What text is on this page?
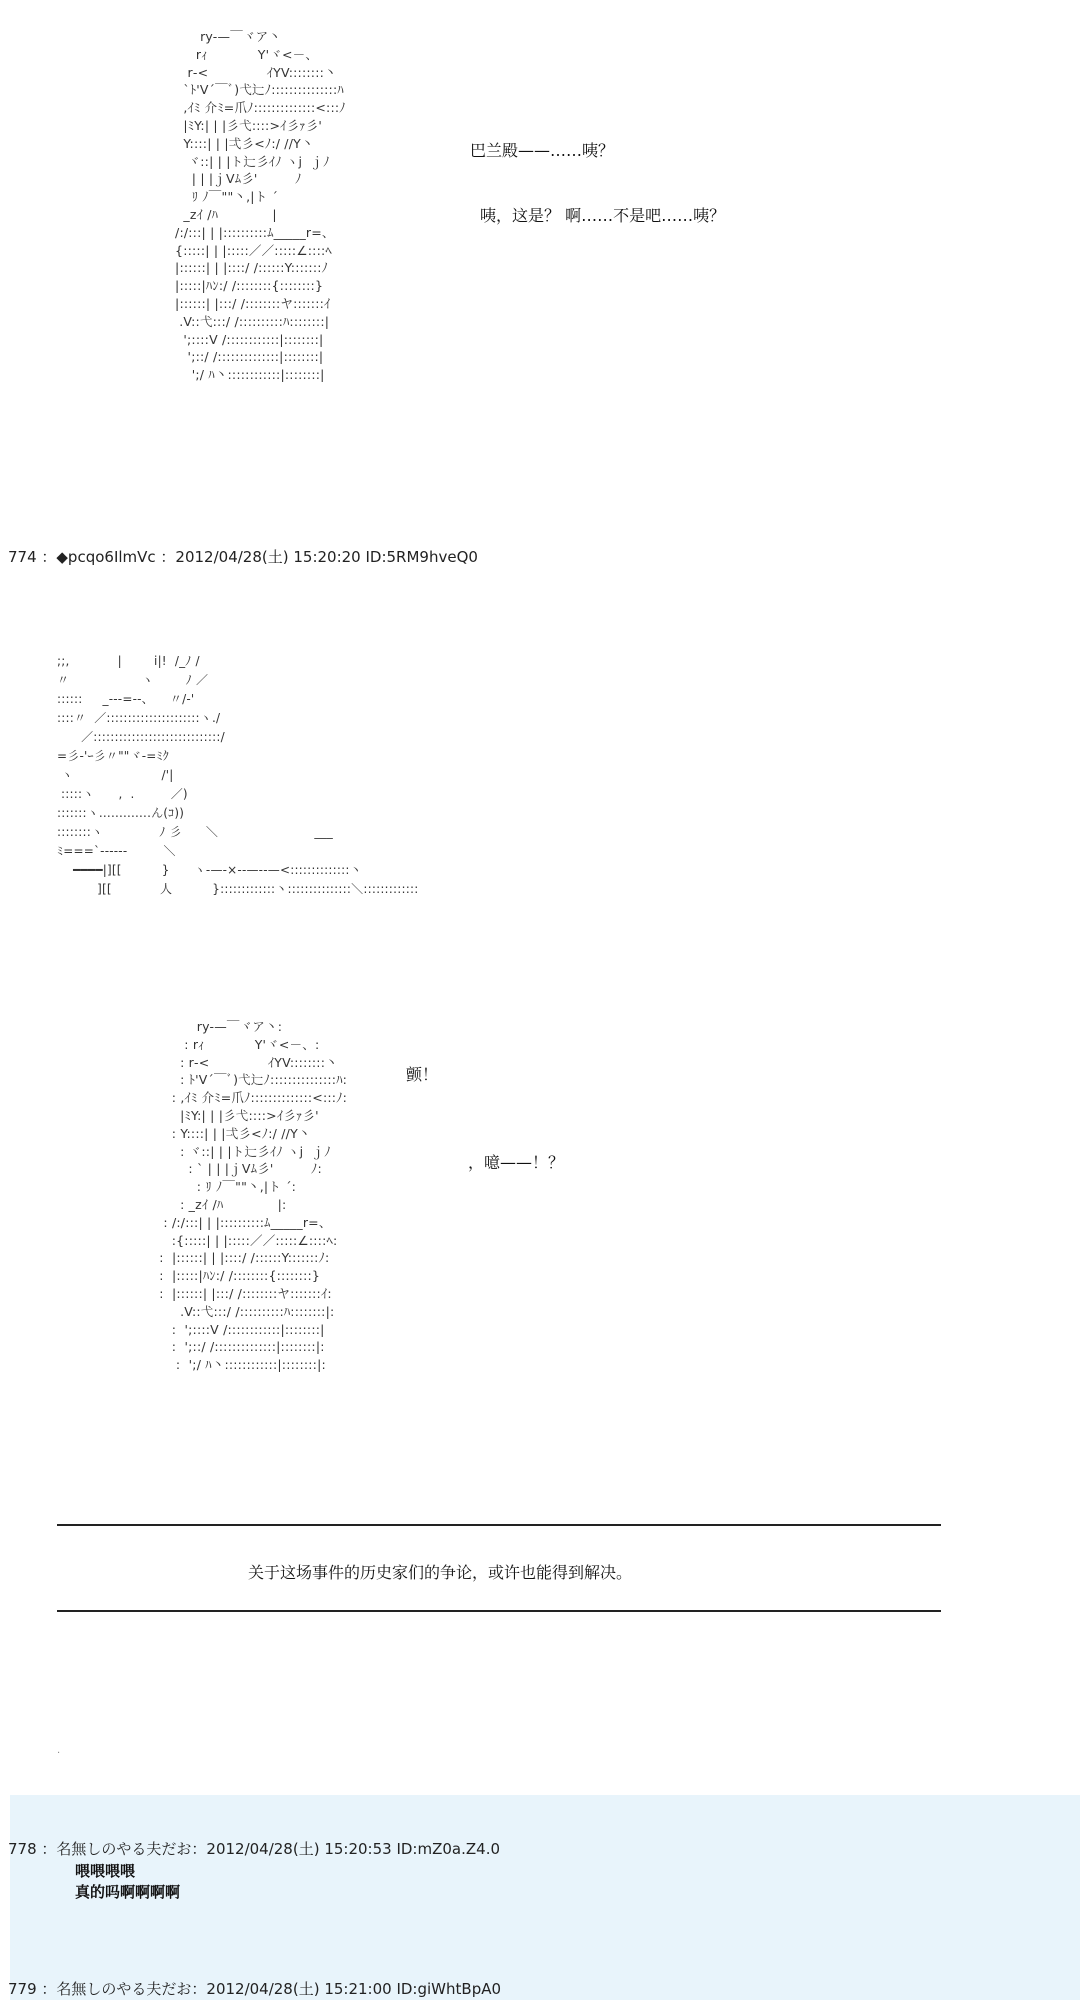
ry-—￣ヾア丶
rｨ            Y'ヾ<－、
r‐<              ｲYV::::::::丶
`ﾄ'V´￣ﾞ)弋辷ﾉ:::::::::::::::ﾊ
,ｲﾐ 介ﾐ=爪ﾉ::::::::::::::<:::ﾉ
|ﾐY:| | |彡弋::::>ｲ彡ｧ彡'
Y::::| | |弌彡<ﾉ:/ //Y丶
ヾ::| | |ト辷彡ｲﾉ ヽj  ｊﾉ
| | |ｊVﾑ彡'         ﾉ
ﾘ ﾉ￣""丶,|ト ´
_zｲ /ﾊ             |
/:/:::| | |::::::::::ﾑ_____r=、
{:::::| | |:::::／／:::::∠::::ﾍ
|::::::| | |::::/ /::::::Y:::::::ﾉ
|:::::|ﾊﾝ:/ /::::::::{::::::::}
|::::::| |:::/ /::::::::ヤ:::::::ｲ
.V::弋:::/ /::::::::::ﾊ::::::::|
';::::V /::::::::::::|::::::::|
';::/ /::::::::::::::|::::::::|
';/ ﾊ丶::::::::::::|::::::::|
巴兰殿——……咦？
咦，这是？ 啊……不是吧……咦？
774 ：◆pcqo6IlmVc ：2012/04/28(土) 15:20:20 ID:5RM9hveQ0
;;,            |        i|!  /_ﾉ /
〃                  ヽ        ﾉ ／
::::::     _---=--、    〃/‐'
::::〃  ／::::::::::::::::::::::ヽ./
／::::::::::::::::::::::::::::::/
=彡‐'ｰ彡〃""ヾ‐=ﾐｸ
ヽ                      /'|
:::::ヽ      ,  .         ／)
:::::::ヽ.............ん(ｺ))
::::::::ヽ              ﾉ 彡      ＼                        ___
ﾐ===`‐‐‐‐‐‐         ＼
━━━━|][[          }      ヽ‐—‐×‐‐—‐‐—<::::::::::::::丶
][[            人          }:::::::::::::丶:::::::::::::::＼:::::::::::::
ry-—￣ヾア丶:
: rｨ            Y'ヾ<－、:
: r‐<              ｲYV::::::::丶
: ﾄ'V´￣ﾞ)弋辷ﾉ:::::::::::::::ﾊ:
: ,ｲﾐ 介ﾐ=爪ﾉ::::::::::::::<:::ﾉ:
|ﾐY:| | |彡弋::::>ｲ彡ｧ彡'
: Y::::| | |弌彡<ﾉ:/ //Y丶
: ヾ::| | |ト辷彡ｲﾉ ヽj  ｊﾉ
: ` | | |ｊVﾑ彡'         ﾉ:
: ﾘ ﾉ￣""丶,|ト ´:
: _zｲ /ﾊ             |:
: /:/:::| | |::::::::::ﾑ_____r=、
:{:::::| | |:::::／／:::::∠::::ﾍ:
:  |::::::| | |::::/ /::::::Y:::::::ﾉ:
:  |:::::|ﾊﾝ:/ /::::::::{::::::::}
:  |::::::| |:::/ /::::::::ヤ:::::::ｲ:
.V::弋:::/ /::::::::::ﾊ::::::::|:
:  ';::::V /::::::::::::|::::::::|
:  ';::/ /::::::::::::::|::::::::|:
:  ';/ ﾊ丶::::::::::::|::::::::|:
颤！
，噫——！？
关于这场事件的历史家们的争论，或许也能得到解决。
.
778 ：名無しのやる夫だお：2012/04/28(土) 15:20:53 ID:mZ0a.Z4.0
喂喂喂喂
真的吗啊啊啊啊
779 ：名無しのやる夫だお：2012/04/28(土) 15:21:00 ID:giWhtBpA0
